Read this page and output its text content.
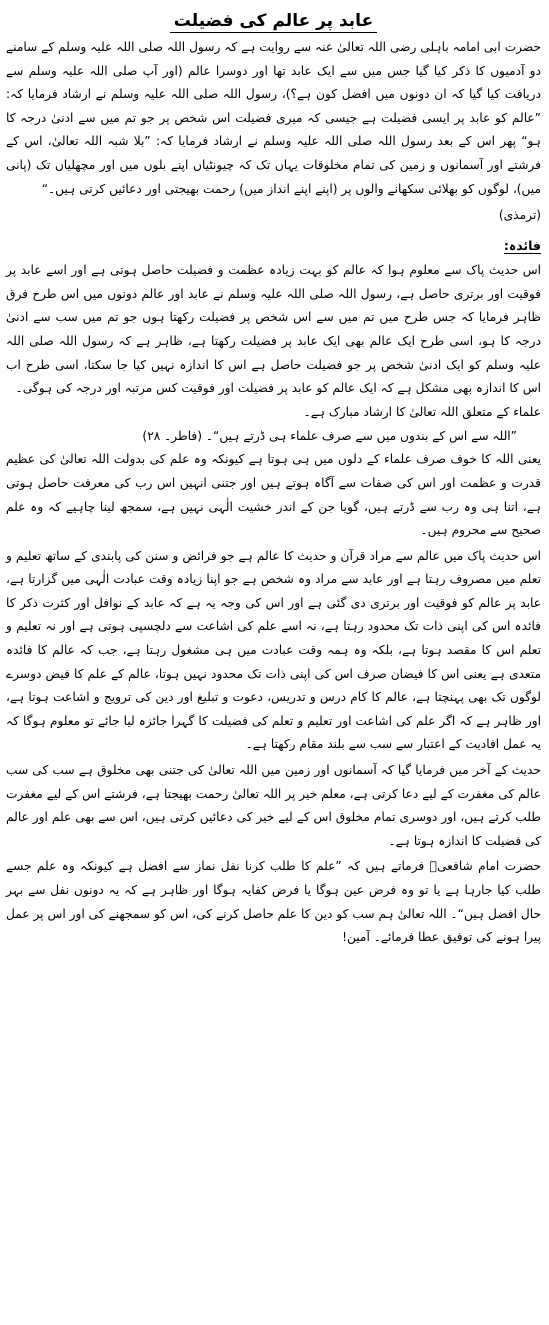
عابد پر عالم کی فضیلت

حضرت ابی امامہ باہلی رضی اللہ تعالیٰ عنہ سے روایت ہے کہ رسول اللہ صلی اللہ علیہ وسلم کے سامنے دو آدمیوں کا ذکر کیا گیا جس میں سے ایک عابد تھا اور دوسرا عالم (اور آپ صلی اللہ علیہ وسلم سے دریافت کیا گیا کہ ان دونوں میں افضل کون ہے؟)، رسول اللہ صلی اللہ علیہ وسلم نے ارشاد فرمایا کہ: ”عالم کو عابد پر ایسی فضیلت ہے جیسی کہ میری فضیلت اس شخص پر جو تم میں سے ادنیٰ درجہ کا ہو“ پھر اس کے بعد رسول اللہ صلی اللہ علیہ وسلم نے ارشاد فرمایا کہ: ”بلا شبہ اللہ تعالیٰ، اس کے فرشتے اور آسمانوں و زمین کی تمام مخلوقات یہاں تک کہ چیونٹیاں اپنے بلوں میں اور مچھلیاں تک (پانی میں)، لوگوں کو بھلائی سکھانے والوں پر (اپنے اپنے انداز میں) رحمت بھیجتی اور دعائیں کرتی ہیں۔“

(ترمذی)
فائدہ:

اس حدیث پاک سے معلوم ہوا کہ عالم کو بہت زیادہ عظمت و فضیلت حاصل ہوتی ہے اور اسے عابد پر فوقیت اور برتری حاصل ہے، رسول اللہ صلی اللہ علیہ وسلم نے عابد اور عالم دونوں میں اس طرح فرق ظاہر فرمایا کہ جس طرح میں تم میں سے اس شخص پر فضیلت رکھتا ہوں جو تم میں سب سے ادنیٰ درجہ کا ہو، اسی طرح ایک عالم بھی ایک عابد پر فضیلت رکھتا ہے، ظاہر ہے کہ رسول اللہ صلی اللہ علیہ وسلم کو ایک ادنیٰ شخص پر جو فضیلت حاصل ہے اس کا اندازہ نہیں کیا جا سکتا، اسی طرح اب اس کا اندازہ بھی مشکل ہے کہ ایک عالم کو عابد پر فضیلت اور فوقیت کس مرتبہ اور درجہ کی ہوگی۔

علماء کے متعلق اللہ تعالیٰ کا ارشاد مبارک ہے۔

”اللہ سے اس کے بندوں میں سے صرف علماء ہی ڈرتے ہیں“۔ (فاطر۔ ۲۸)

یعنی اللہ کا خوف صرف علماء کے دلوں میں ہی ہوتا ہے کیونکہ وہ علم کی بدولت اللہ تعالیٰ کی عظیم قدرت و عظمت اور اس کی صفات سے آگاہ ہوتے ہیں اور جتنی انہیں اس رب کی معرفت حاصل ہوتی ہے، اتنا ہی وہ رب سے ڈرتے ہیں، گویا جن کے اندر خشیت الٰہی نہیں ہے، سمجھ لینا چاہیے کہ وہ علم صحیح سے محروم ہیں۔

اس حدیث پاک میں عالم سے مراد قرآن و حدیث کا عالم ہے جو فرائض و سنن کی پابندی کے ساتھ تعلیم و تعلم میں مصروف رہتا ہے اور عابد سے مراد وہ شخص ہے جو اپنا زیادہ وقت عبادت الٰہی میں گزارتا ہے، عابد پر عالم کو فوقیت اور برتری دی گئی ہے اور اس کی وجہ یہ ہے کہ عابد کے نوافل اور کثرت ذکر کا فائدہ اس کی اپنی ذات تک محدود رہتا ہے، نہ اسے علم کی اشاعت سے دلچسپی ہوتی ہے اور نہ تعلیم و تعلم اس کا مقصد ہوتا ہے، بلکہ وہ ہمہ وقت عبادت میں ہی مشغول رہتا ہے، جب کہ عالم کا فائدہ متعدی ہے یعنی اس کا فیضان صرف اس کی اپنی ذات تک محدود نہیں ہوتا، عالم کے علم کا فیض دوسرے لوگوں تک بھی پہنچتا ہے، عالم کا کام درس و تدریس، دعوت و تبلیغ اور دین کی ترویج و اشاعت ہوتا ہے، اور ظاہر ہے کہ اگر علم کی اشاعت اور تعلیم و تعلم کی فضیلت کا گہرا جائزہ لیا جائے تو معلوم ہوگا کہ یہ عمل افادیت کے اعتبار سے سب سے بلند مقام رکھتا ہے۔

حدیث کے آخر میں فرمایا گیا کہ آسمانوں اور زمین میں اللہ تعالیٰ کی جتنی بھی مخلوق ہے سب کی سب عالم کی مغفرت کے لیے دعا کرتی ہے، معلم خیر پر اللہ تعالیٰ رحمت بھیجتا ہے، فرشتے اس کے لیے مغفرت طلب کرتے ہیں، اور دوسری تمام مخلوق اس کے لیے خیر کی دعائیں کرتی ہیں، اس سے بھی علم اور عالم کی فضیلت کا اندازہ ہوتا ہے۔

حضرت امام شافعیؒ فرماتے ہیں کہ ”علم کا طلب کرنا نفل نماز سے افضل ہے کیونکہ وہ علم جسے طلب کیا جارہا ہے یا تو وہ فرض عین ہوگا یا فرض کفایہ ہوگا اور ظاہر ہے کہ یہ دونوں نفل سے بہر حال افضل ہیں“۔ اللہ تعالیٰ ہم سب کو دین کا علم حاصل کرنے کی، اس کو سمجھنے کی اور اس پر عمل پیرا ہونے کی توفیق عطا فرمائے۔ آمین!
